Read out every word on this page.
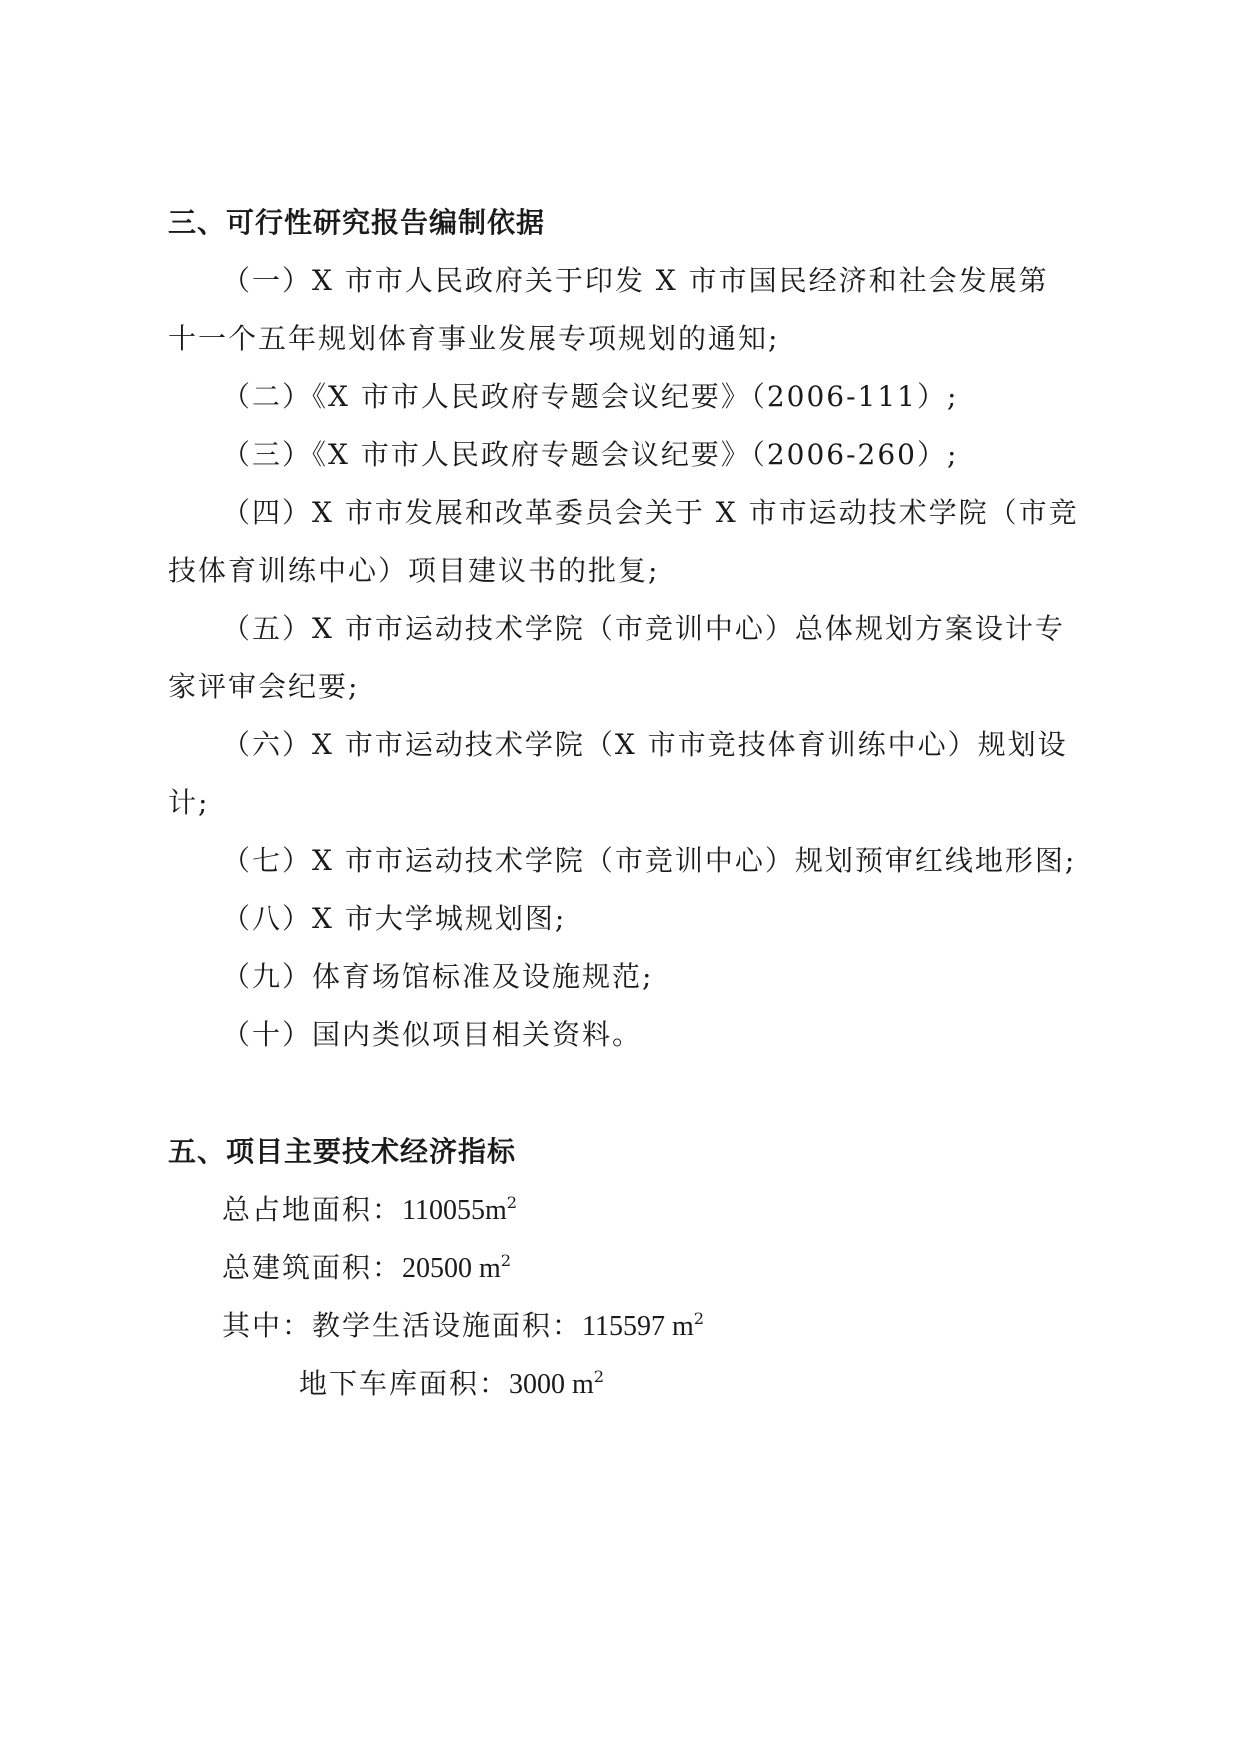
三、可行性研究报告编制依据
（一）X 市市人民政府关于印发 X 市市国民经济和社会发展第
十一个五年规划体育事业发展专项规划的通知;
（二）《X 市市人民政府专题会议纪要》（2006-111）;
（三）《X 市市人民政府专题会议纪要》（2006-260）;
（四）X 市市发展和改革委员会关于 X 市市运动技术学院（市竞
技体育训练中心）项目建议书的批复;
（五）X 市市运动技术学院（市竞训中心）总体规划方案设计专
家评审会纪要;
（六）X 市市运动技术学院（X 市市竞技体育训练中心）规划设
计;
（七）X 市市运动技术学院（市竞训中心）规划预审红线地形图;
（八）X 市大学城规划图;
（九）体育场馆标准及设施规范;
（十）国内类似项目相关资料。
五、项目主要技术经济指标
总占地面积：$110055m^2$
总建筑面积：20500 $m^2$
其中：教学生活设施面积：115597 $m^2$
地下车库面积：3000 $m^2$
